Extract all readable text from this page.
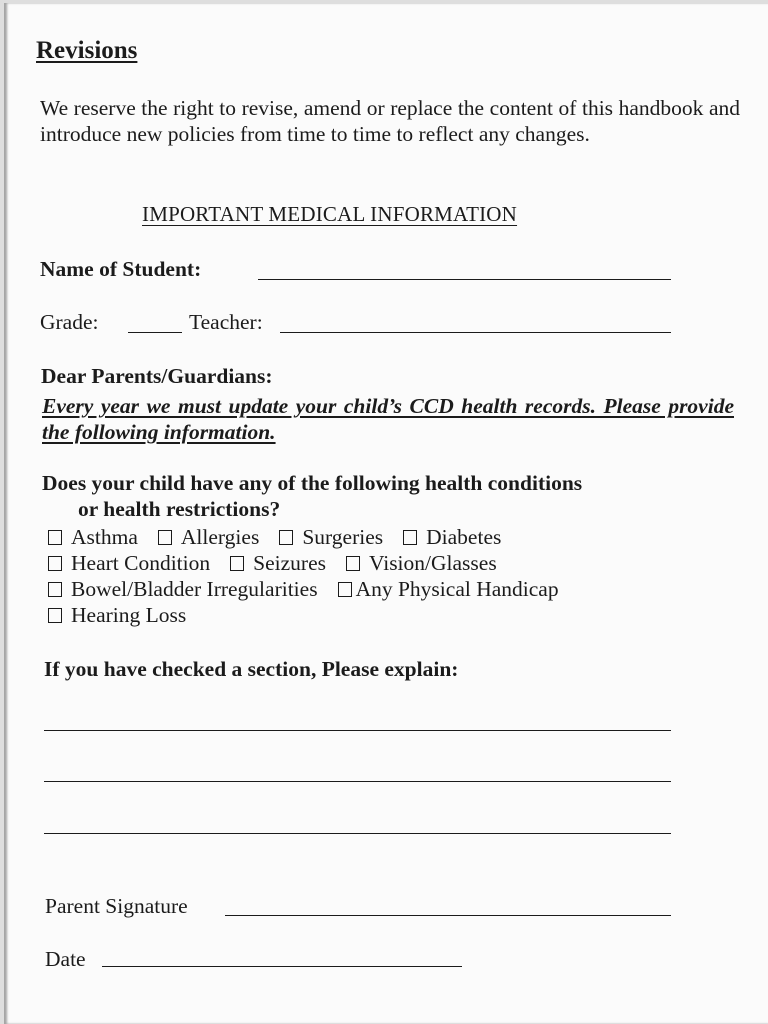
Revisions
We reserve the right to revise, amend or replace the content of this handbook and introduce new policies from time to time to reflect any changes.
IMPORTANT MEDICAL INFORMATION
Name of Student:
Grade:	Teacher:
Dear Parents/Guardians:
Every year we must update your child’s CCD health records. Please provide the following information.
Does your child have any of the following health conditions
or health restrictions?
Asthma Allergies Surgeries Diabetes
Heart Condition Seizures Vision/Glasses
Bowel/Bladder Irregularities Any Physical Handicap
Hearing Loss
If you have checked a section, Please explain:
Parent Signature
Date
